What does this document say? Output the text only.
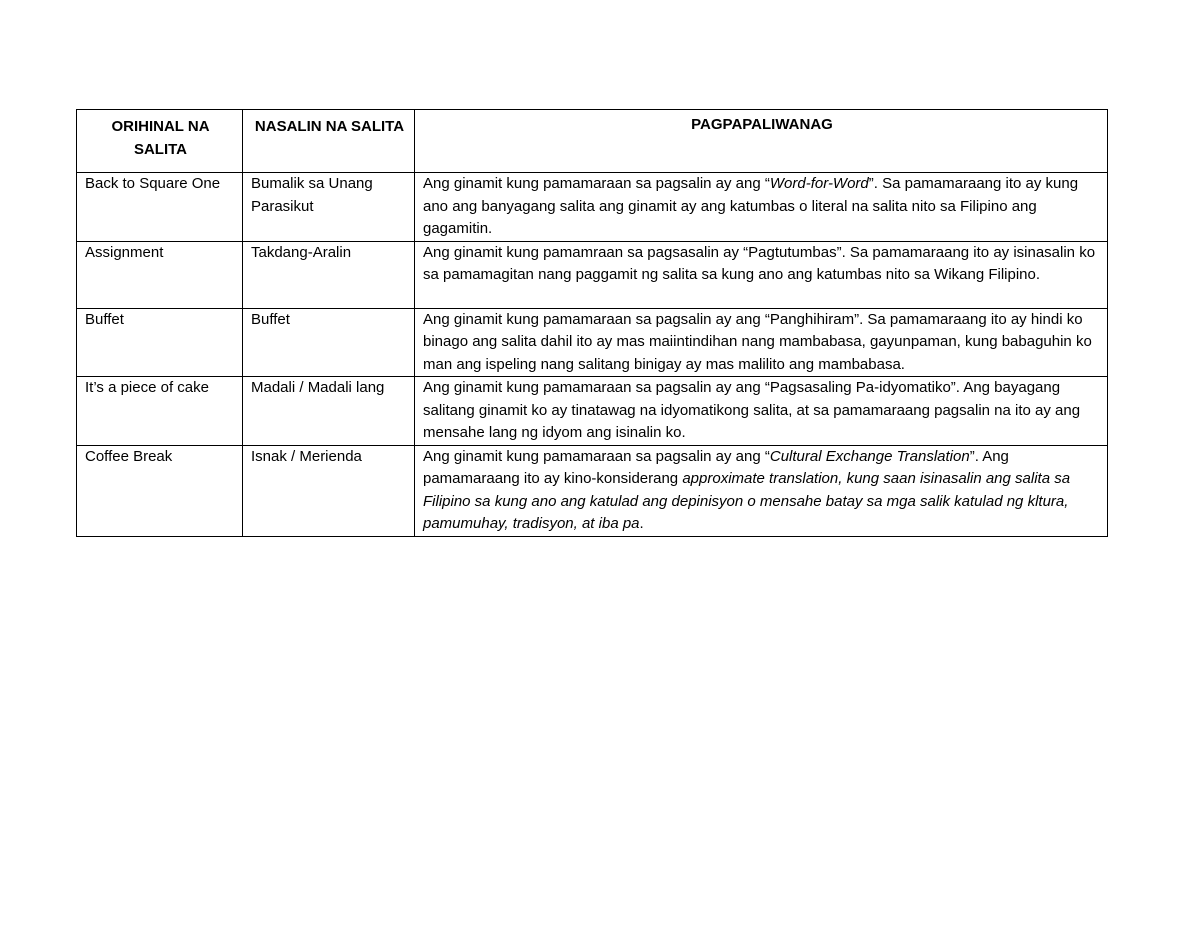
ORIHINAL NA SALITA	NASALIN NA SALITA	PAGPAPALIWANAG
Back to Square One	Bumalik sa Unang Parasikut	Ang ginamit kung pamamaraan sa pagsalin ay ang “Word-for-Word”. Sa pamamaraang ito ay kung ano ang banyagang salita ang ginamit ay ang katumbas o literal na salita nito sa Filipino ang gagamitin.
Assignment	Takdang-Aralin	Ang ginamit kung pamamraan sa pagsasalin ay “Pagtutumbas”. Sa pamamaraang ito ay isinasalin ko sa pamamagitan nang paggamit ng salita sa kung ano ang katumbas nito sa Wikang Filipino.
Buffet	Buffet	Ang ginamit kung pamamaraan sa pagsalin ay ang “Panghihiram”. Sa pamamaraang ito ay hindi ko binago ang salita dahil ito ay mas maiintindihan nang mambabasa, gayunpaman, kung babaguhin ko man ang ispeling nang salitang binigay ay mas malilito ang mambabasa.
It’s a piece of cake	Madali / Madali lang	Ang ginamit kung pamamaraan sa pagsalin ay ang “Pagsasaling Pa-idyomatiko”. Ang bayagang salitang ginamit ko ay tinatawag na idyomatikong salita, at sa pamamaraang pagsalin na ito ay ang mensahe lang ng idyom ang isinalin ko.
Coffee Break	Isnak / Merienda	Ang ginamit kung pamamaraan sa pagsalin ay ang “Cultural Exchange Translation”. Ang pamamaraang ito ay kino-konsiderang approximate translation, kung saan isinasalin ang salita sa Filipino sa kung ano ang katulad ang depinisyon o mensahe batay sa mga salik katulad ng kltura, pamumuhay, tradisyon, at iba pa.
